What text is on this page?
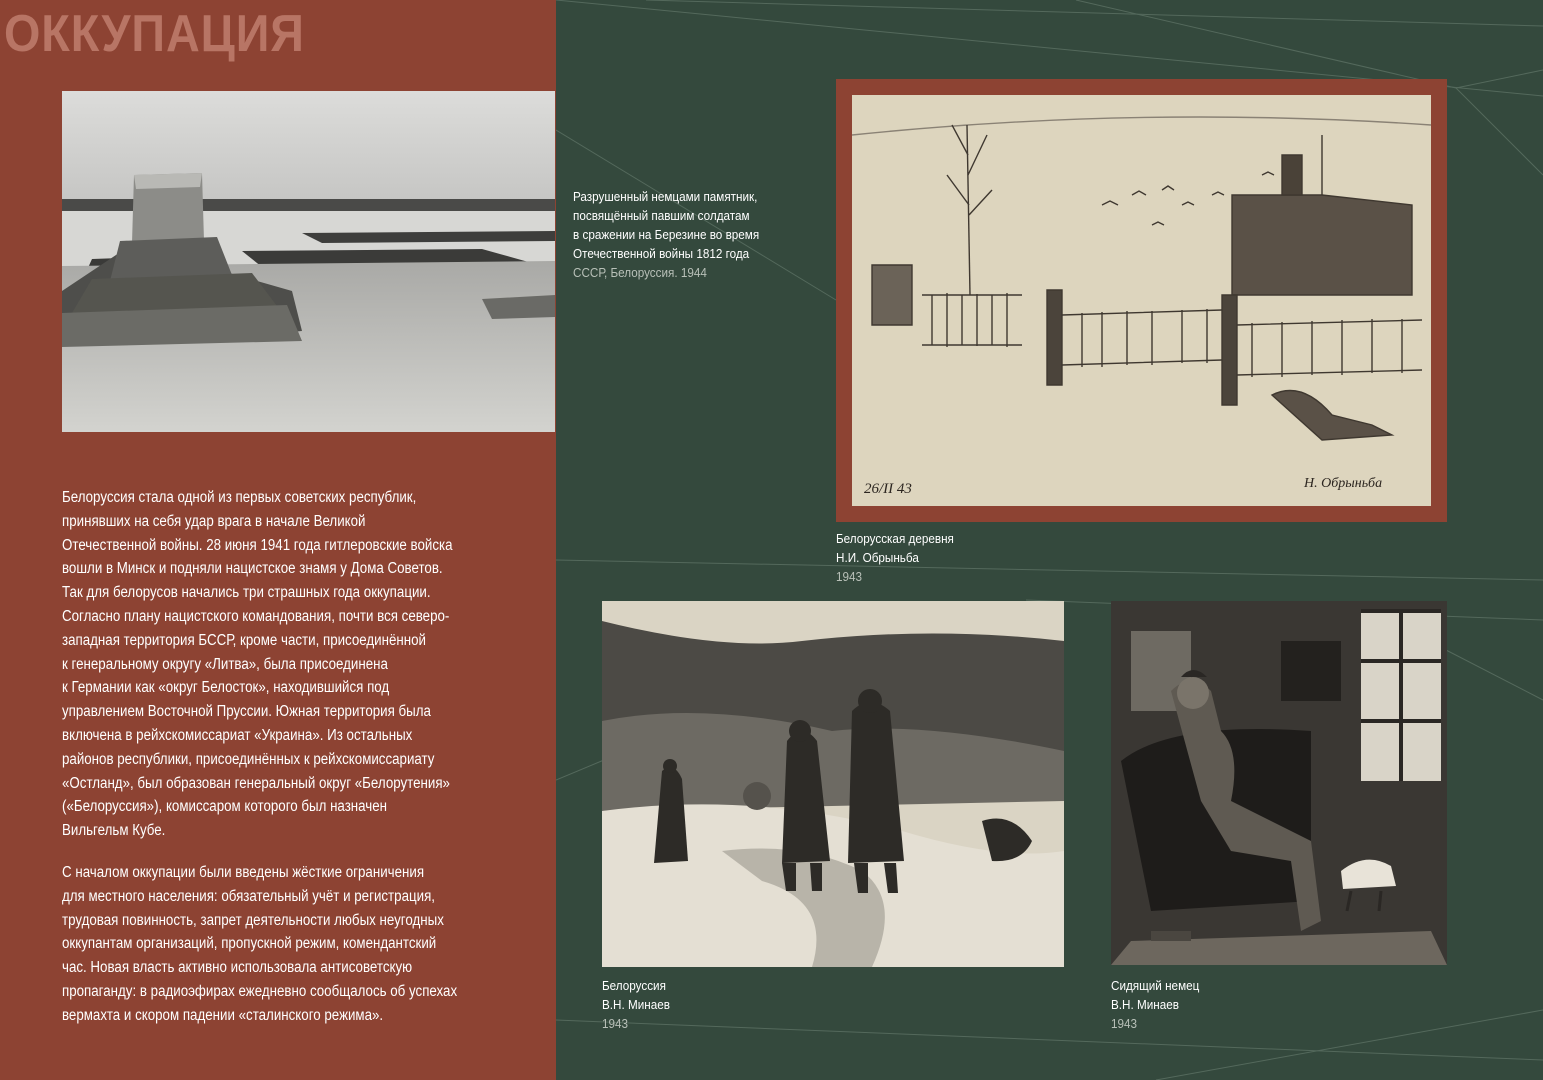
ОККУПАЦИЯ
Разрушенный немцами памятник,
посвящённый павшим солдатам
в сражении на Березине во время
Отечественной войны 1812 года
СССР, Белоруссия. 1944
26/II 43	Н. Обрыньба
Белорусская деревня
Н.И. Обрыньба
1943
Белоруссия
В.Н. Минаев
1943
Сидящий немец
В.Н. Минаев
1943
Белоруссия стала одной из первых советских республик,
принявших на себя удар врага в начале Великой
Отечественной войны. 28 июня 1941 года гитлеровские войска
вошли в Минск и подняли нацистское знамя у Дома Советов.
Так для белорусов начались три страшных года оккупации.
Согласно плану нацистского командования, почти вся северо-
западная территория БССР, кроме части, присоединённой
к генеральному округу «Литва», была присоединена
к Германии как «округ Белосток», находившийся под
управлением Восточной Пруссии. Южная территория была
включена в рейхскомиссариат «Украина». Из остальных
районов республики, присоединённых к рейхскомиссариату
«Остланд», был образован генеральный округ «Белорутения»
(«Белоруссия»), комиссаром которого был назначен
Вильгельм Кубе.
С началом оккупации были введены жёсткие ограничения
для местного населения: обязательный учёт и регистрация,
трудовая повинность, запрет деятельности любых неугодных
оккупантам организаций, пропускной режим, комендантский
час. Новая власть активно использовала антисоветскую
пропаганду: в радиоэфирах ежедневно сообщалось об успехах
вермахта и скором падении «сталинского режима».
